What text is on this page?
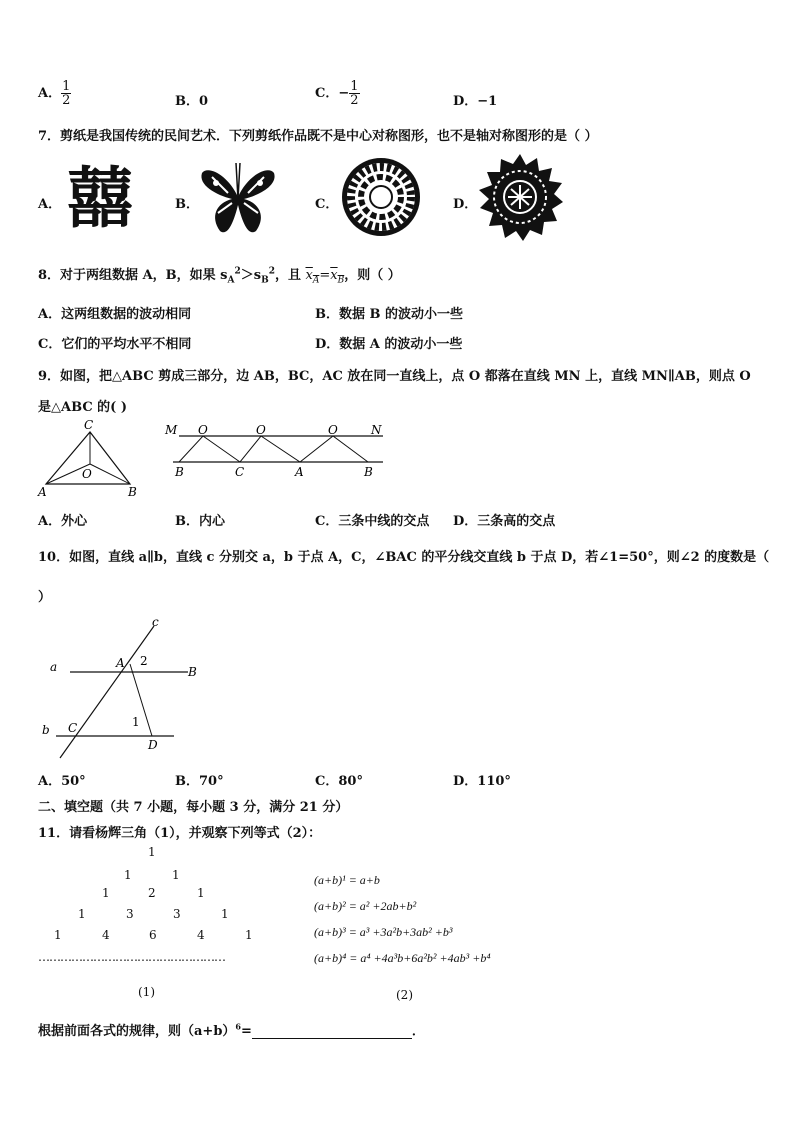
A． $\frac{1}{2}$	B．0
C．− $\frac{1}{2}$	D．−1
7．剪纸是我国传统的民间艺术．下列剪纸作品既不是中心对称图形，也不是轴对称图形的是（ ）
A． 囍	B．	C．	D．
8．对于两组数据 A，B，如果 $s_A^2>s_B^2$，且 $x_A=x_B$，则（ ）
A．这两组数据的波动相同	B．数据 B 的波动小一些
C．它们的平均水平不相同	D．数据 A 的波动小一些
9．如图，把△ABC 剪成三部分，边 AB，BC，AC 放在同一直线上，点 O 都落在直线 MN 上，直线 MN∥AB，则点 O
是△ABC 的( )
C
O
A	B
M	N
O	O	O
B	C	A	B
A．外心	B．内心	C．三条中线的交点 D．三条高的交点
10．如图，直线 a∥b，直线 c 分别交 a，b 于点 A，C，∠BAC 的平分线交直线 b 于点 D，若∠1=50°，则∠2 的度数是（
）
c
a	A 2
B
b C	1
D
A．50°	B．70°	C．80°	D．110°
二、填空题（共 7 小题，每小题 3 分，满分 21 分）
11．请看杨辉三角（1），并观察下列等式（2）：
1
1	1
1	2	1
1	3	3	1
1	4	6	4	1
……………………………………………
(1)	(2)
(a+b)¹ = a+b
(a+b)² = a² +2ab+b²
(a+b)³ = a³ +3a²b+3ab² +b³
(a+b)⁴ = a⁴ +4a³b+6a²b² +4ab³ +b⁴
根据前面各式的规律，则$(a+b)^6=$	．
